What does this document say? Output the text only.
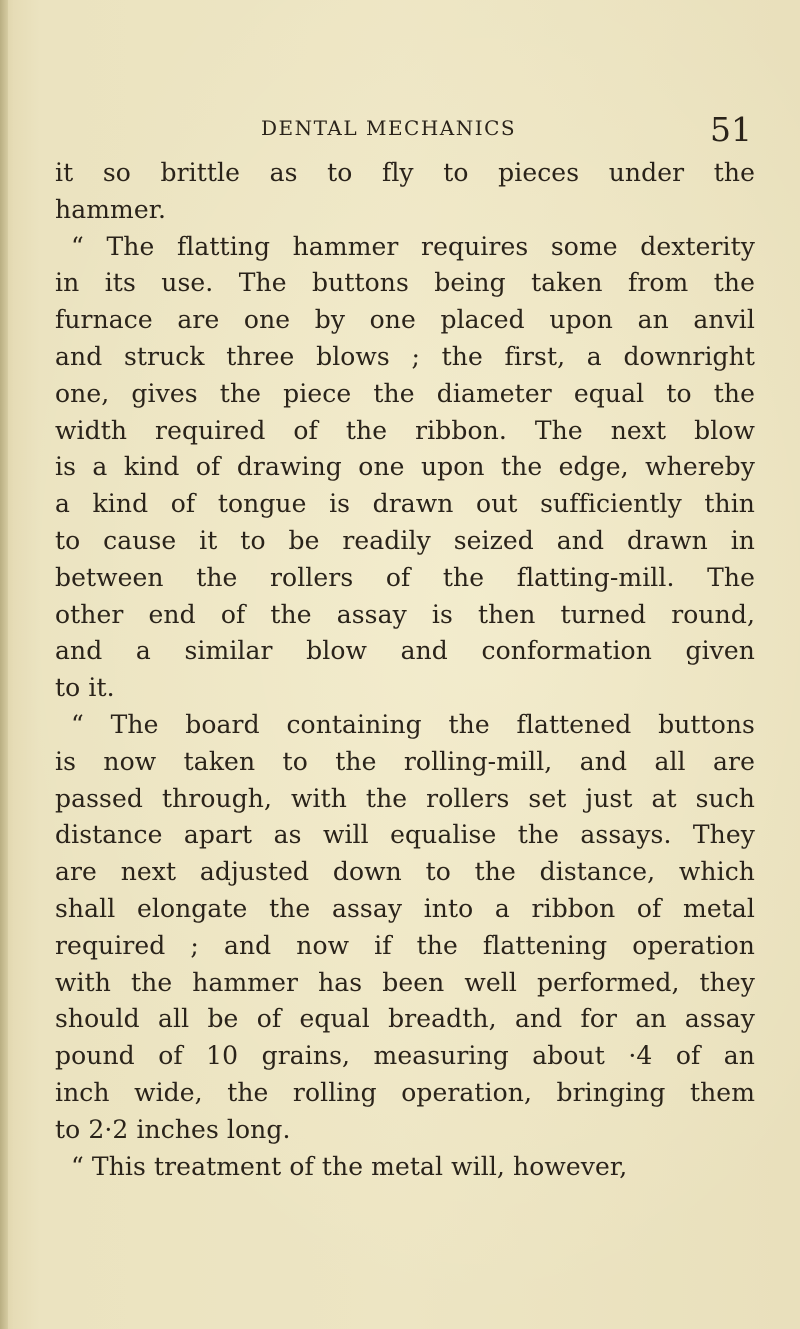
DENTAL MECHANICS	51
it so brittle as to fly to pieces under the
hammer.
“ The flatting hammer requires some dexterity
in its use. The buttons being taken from the
furnace are one by one placed upon an anvil
and struck three blows ; the first, a downright
one, gives the piece the diameter equal to the
width required of the ribbon. The next blow
is a kind of drawing one upon the edge, whereby
a kind of tongue is drawn out sufficiently thin
to cause it to be readily seized and drawn in
between the rollers of the flatting-mill. The
other end of the assay is then turned round,
and a similar blow and conformation given
to it.
“ The board containing the flattened buttons
is now taken to the rolling-mill, and all are
passed through, with the rollers set just at such
distance apart as will equalise the assays. They
are next adjusted down to the distance, which
shall elongate the assay into a ribbon of metal
required ; and now if the flattening operation
with the hammer has been well performed, they
should all be of equal breadth, and for an assay
pound of 10 grains, measuring about ·4 of an
inch wide, the rolling operation, bringing them
to 2·2 inches long.
“ This treatment of the metal will, however,
